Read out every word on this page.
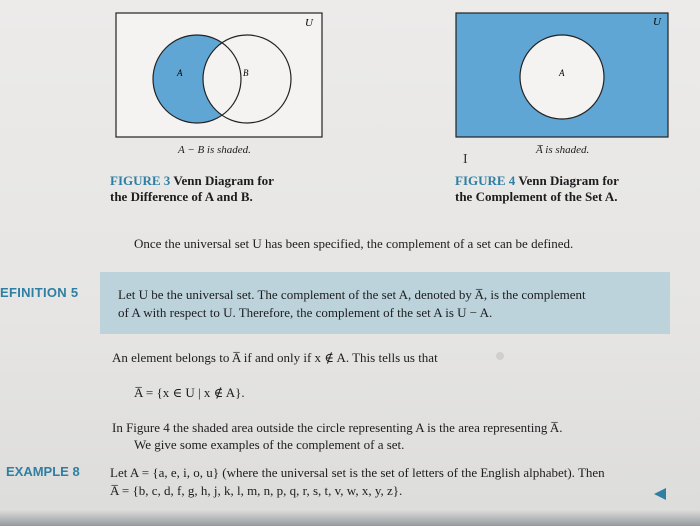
U
A	B
A − B is shaded.
FIGURE 3 Venn Diagram for
the Difference of A and B.
U
A
A̅ is shaded.
I
FIGURE 4 Venn Diagram for
the Complement of the Set A.
Once the universal set U has been specified, the complement of a set can be defined.
EFINITION 5	Let U be the universal set. The complement of the set A, denoted by A̅, is the complement
of A with respect to U. Therefore, the complement of the set A is U − A.
An element belongs to A̅ if and only if x ∉ A. This tells us that
A̅ = {x ∈ U | x ∉ A}.
In Figure 4 the shaded area outside the circle representing A is the area representing A̅.
We give some examples of the complement of a set.
EXAMPLE 8 Let A = {a, e, i, o, u} (where the universal set is the set of letters of the English alphabet). Then
A̅ = {b, c, d, f, g, h, j, k, l, m, n, p, q, r, s, t, v, w, x, y, z}.
